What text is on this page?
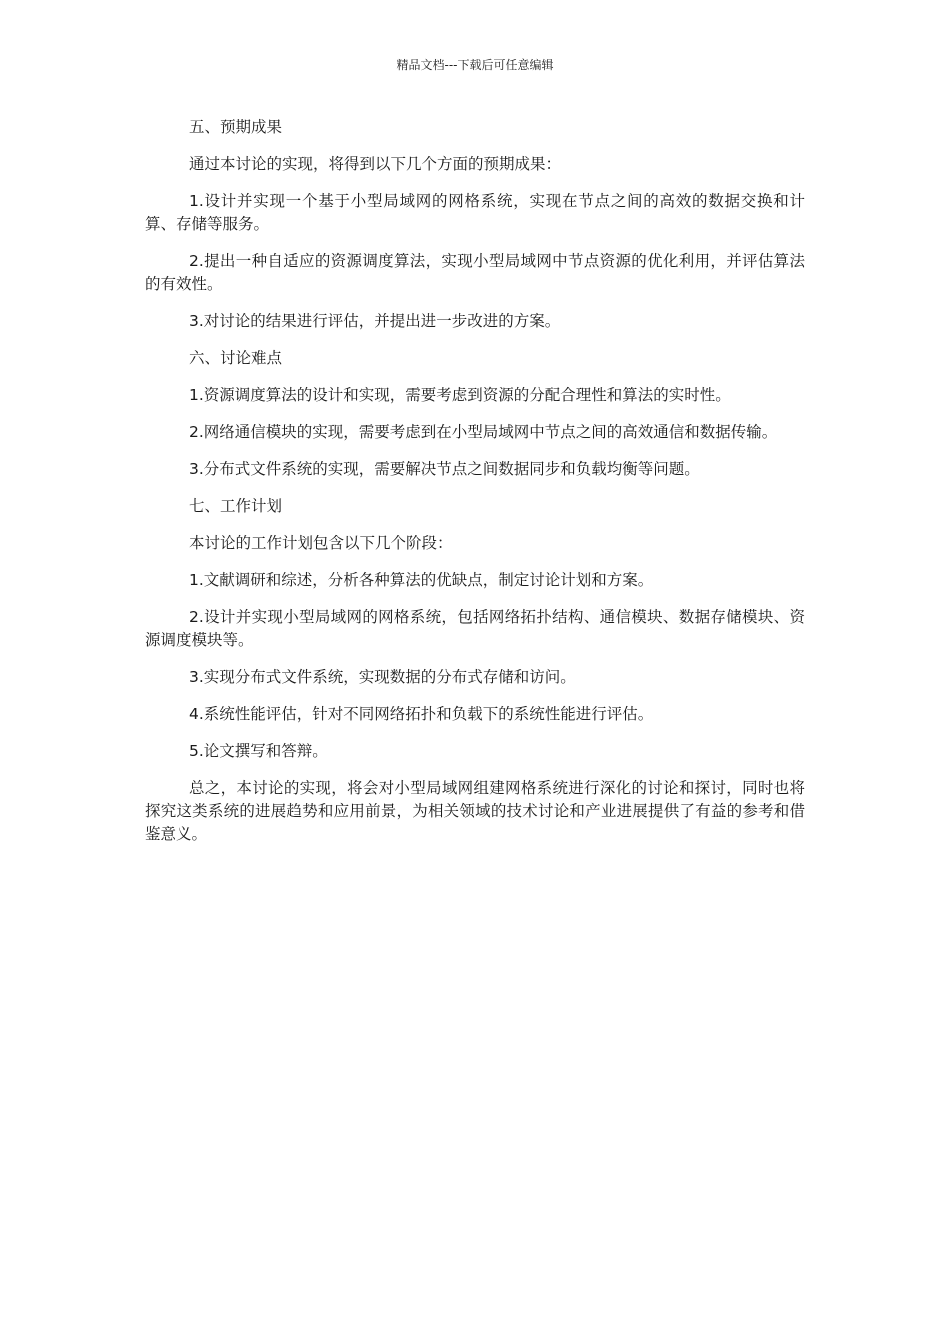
精品文档---下载后可任意编辑

五、预期成果

通过本讨论的实现，将得到以下几个方面的预期成果：

1.设计并实现一个基于小型局域网的网格系统，实现在节点之间的高效的数据交换和计算、存储等服务。

2.提出一种自适应的资源调度算法，实现小型局域网中节点资源的优化利用，并评估算法的有效性。

3.对讨论的结果进行评估，并提出进一步改进的方案。

六、讨论难点

1.资源调度算法的设计和实现，需要考虑到资源的分配合理性和算法的实时性。

2.网络通信模块的实现，需要考虑到在小型局域网中节点之间的高效通信和数据传输。

3.分布式文件系统的实现，需要解决节点之间数据同步和负载均衡等问题。

七、工作计划

本讨论的工作计划包含以下几个阶段：

1.文献调研和综述，分析各种算法的优缺点，制定讨论计划和方案。

2.设计并实现小型局域网的网格系统，包括网络拓扑结构、通信模块、数据存储模块、资源调度模块等。

3.实现分布式文件系统，实现数据的分布式存储和访问。

4.系统性能评估，针对不同网络拓扑和负载下的系统性能进行评估。

5.论文撰写和答辩。

总之，本讨论的实现，将会对小型局域网组建网格系统进行深化的讨论和探讨，同时也将探究这类系统的进展趋势和应用前景，为相关领域的技术讨论和产业进展提供了有益的参考和借鉴意义。
